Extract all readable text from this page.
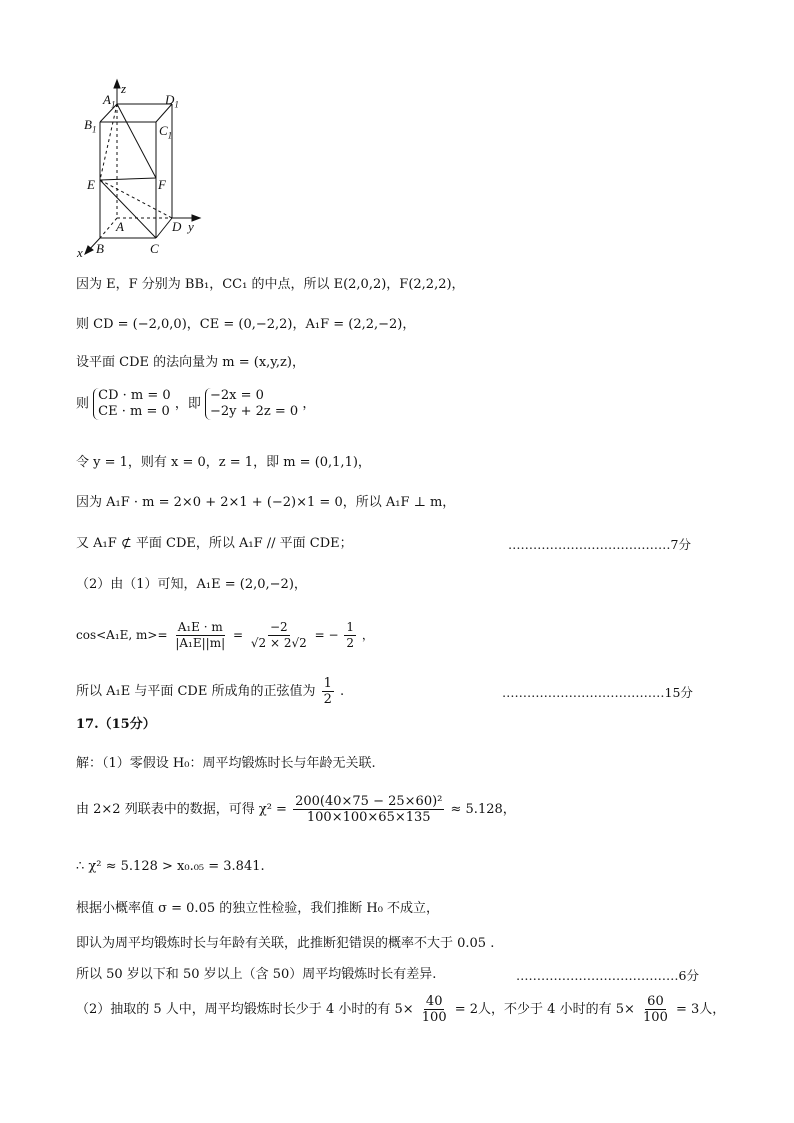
z
y
x
$A_1$	$D_1$
$B_1$	$C_1$
E	F
A	D
B	C
因为 E，F 分别为 BB₁，CC₁ 的中点，所以 E(2,0,2)，F(2,2,2)，
则 CD = (−2,0,0)，CE = (0,−2,2)，A₁F = (2,2,−2)，
设平面 CDE 的法向量为 m = (x,y,z)，
则
CD · m = 0
CE · m = 0 ，即
−2x = 0
−2y + 2z = 0 ，
令 y = 1，则有 x = 0，z = 1，即 m = (0,1,1)，
因为 A₁F · m = 2×0 + 2×1 + (−2)×1 = 0，所以 A₁F ⊥ m，
又 A₁F ⊄ 平面 CDE，所以 A₁F // 平面 CDE；	…………………………………7分
（2）由（1）可知，A₁E = (2,0,−2)，
cos<A₁E, $m>= \frac{\text{A₁E · m}}{\text{|A₁E||m|}} = \frac{-2}{√2 \times 2√2}$ = − $\frac{1}{2}$ ，
所以 A₁E 与平面 CDE 所成角的正弦值为 $\frac{1}{2}$ .	…………………………………15分
17.（15分）
解：（1）零假设 H₀：周平均锻炼时长与年龄无关联.
由 2×2 列联表中的数据，可得 $\chi^2 = \frac{\text{200(40×75 − 25×60)²}}{100\times 100\times 65\times 135} \approx 5.128$，
∴ χ² ≈ 5.128 > x₀.₀₅ = 3.841.
根据小概率值 σ = 0.05 的独立性检验，我们推断 H₀ 不成立，
即认为周平均锻炼时长与年龄有关联，此推断犯错误的概率不大于 0.05 .
所以 50 岁以下和 50 岁以上（含 50）周平均锻炼时长有差异.	…………………………………6分
（2）抽取的 5 人中，周平均锻炼时长少于 4 小时的有 $5\times \frac{40}{100} = 2$人，不少于 4 小时的有 $5\times \frac{60}{100} = 3$人，
